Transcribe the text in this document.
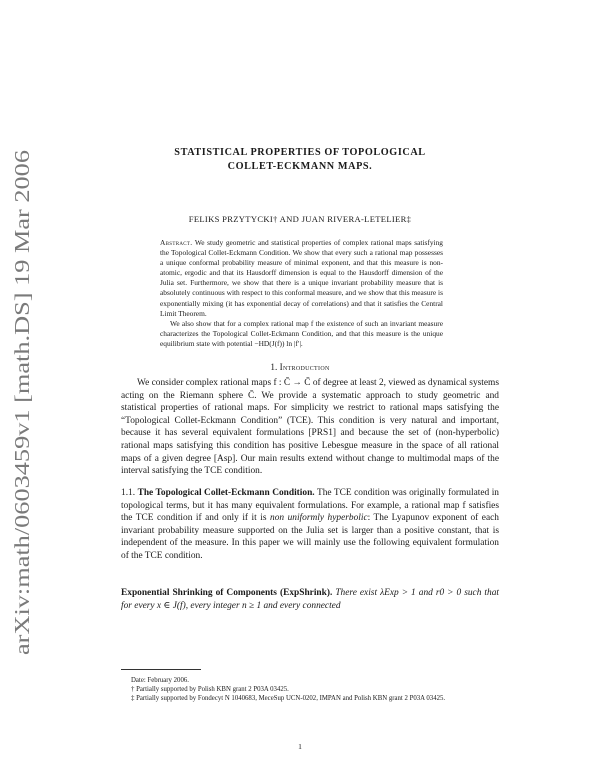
arXiv:math/0603459v1 [math.DS] 19 Mar 2006
STATISTICAL PROPERTIES OF TOPOLOGICAL
COLLET-ECKMANN MAPS.
FELIKS PRZYTYCKI† AND JUAN RIVERA-LETELIER‡

Abstract. We study geometric and statistical properties of complex rational maps satisfying the Topological Collet-Eckmann Condition. We show that every such a rational map possesses a unique conformal probability measure of minimal exponent, and that this measure is non-atomic, ergodic and that its Hausdorff dimension is equal to the Hausdorff dimension of the Julia set. Furthermore, we show that there is a unique invariant probability measure that is absolutely continuous with respect to this conformal measure, and we show that this measure is exponentially mixing (it has exponential decay of correlations) and that it satisfies the Central Limit Theorem.

We also show that for a complex rational map f the existence of such an invariant measure characterizes the Topological Collet-Eckmann Condition, and that this measure is the unique equilibrium state with potential −HD(J(f)) ln |f′|.

1. Introduction

We consider complex rational maps f : C̄ → C̄ of degree at least 2, viewed as dynamical systems acting on the Riemann sphere C̄. We provide a systematic approach to study geometric and statistical properties of rational maps. For simplicity we restrict to rational maps satisfying the “Topological Collet-Eckmann Condition” (TCE). This condition is very natural and important, because it has several equivalent formulations [PRS1] and because the set of (non-hyperbolic) rational maps satisfying this condition has positive Lebesgue measure in the space of all rational maps of a given degree [Asp]. Our main results extend without change to multimodal maps of the interval satisfying the TCE condition.

1.1. The Topological Collet-Eckmann Condition. The TCE condition was originally formulated in topological terms, but it has many equivalent formulations. For example, a rational map f satisfies the TCE condition if and only if it is non uniformly hyperbolic: The Lyapunov exponent of each invariant probability measure supported on the Julia set is larger than a positive constant, that is independent of the measure. In this paper we will mainly use the following equivalent formulation of the TCE condition.

Exponential Shrinking of Components (ExpShrink). There exist λExp > 1 and r0 > 0 such that for every x ∈ J(f), every integer n ≥ 1 and every connected

Date: February 2006.

† Partially supported by Polish KBN grant 2 P03A 03425.

‡ Partially supported by Fondecyt N 1040683, MeceSup UCN-0202, IMPAN and Polish KBN grant 2 P03A 03425.

1
